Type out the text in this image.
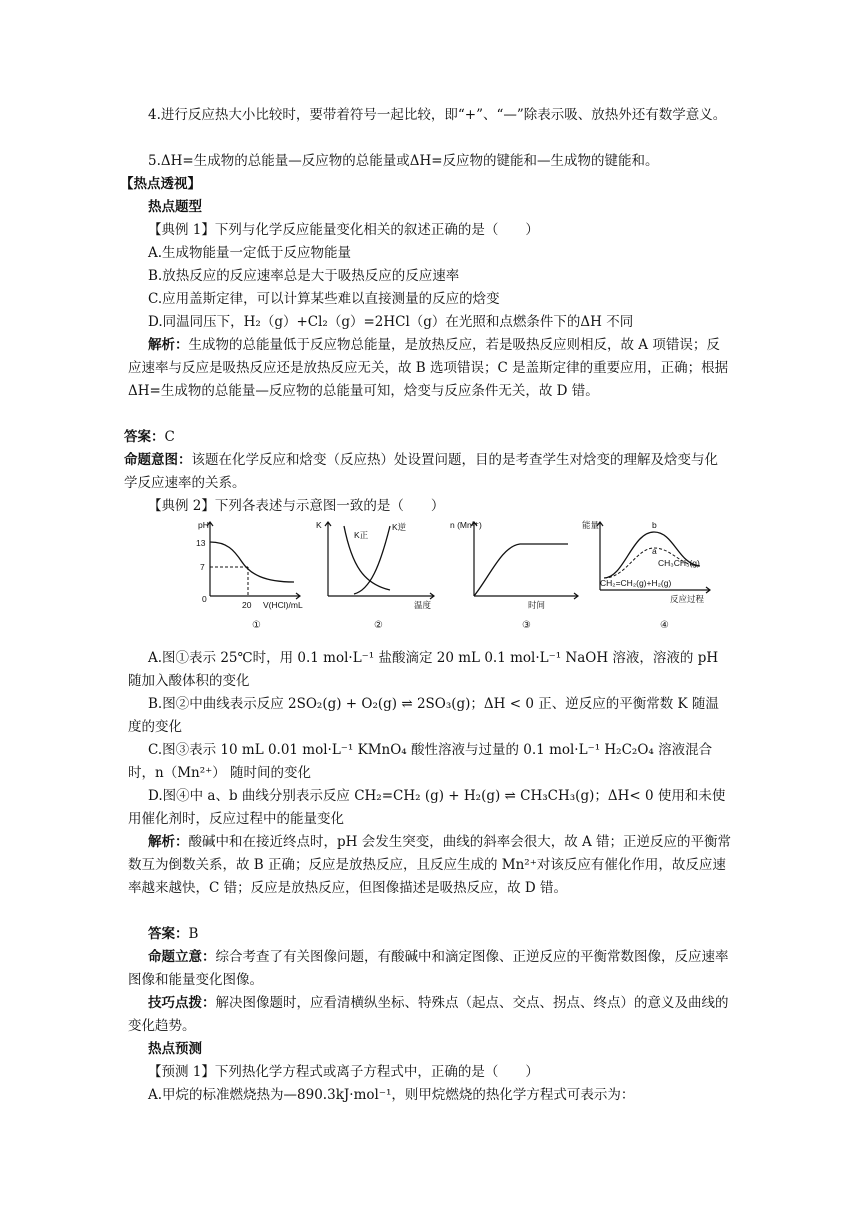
4.进行反应热大小比较时，要带着符号一起比较，即“+”、“—”除表示吸、放热外还有数学意义。

5.ΔH=生成物的总能量—反应物的总能量或ΔH=反应物的键能和—生成物的键能和。

【热点透视】

热点题型

【典例 1】下列与化学反应能量变化相关的叙述正确的是（　　）

A.生成物能量一定低于反应物能量

B.放热反应的反应速率总是大于吸热反应的反应速率

C.应用盖斯定律，可以计算某些难以直接测量的反应的焓变

D.同温同压下，H₂（g）+Cl₂（g）=2HCl（g）在光照和点燃条件下的ΔH 不同

解析：生成物的总能量低于反应物总能量，是放热反应，若是吸热反应则相反，故 A 项错误；反应速率与反应是吸热反应还是放热反应无关，故 B 选项错误；C 是盖斯定律的重要应用，正确；根据ΔH=生成物的总能量—反应物的总能量可知，焓变与反应条件无关，故 D 错。

答案：C

命题意图：该题在化学反应和焓变（反应热）处设置问题，目的是考查学生对焓变的理解及焓变与化学反应速率的关系。

【典例 2】下列各表述与示意图一致的是（　　）

pH
13
7
0
20 V(HCl)/mL
①
K
K正
K逆
温度
②
n (Mn²⁺)
时间
③
能量	b
a
CH₃CH₃(g)
CH₂=CH₂(g)+H₂(g)
反应过程
④

A.图①表示 25℃时，用 0.1 mol·L⁻¹ 盐酸滴定 20 mL 0.1 mol·L⁻¹ NaOH 溶液，溶液的 pH 随加入酸体积的变化

B.图②中曲线表示反应 2SO₂(g) + O₂(g) ⇌ 2SO₃(g)；ΔH < 0 正、逆反应的平衡常数 K 随温度的变化

C.图③表示 10 mL 0.01 mol·L⁻¹ KMnO₄ 酸性溶液与过量的 0.1 mol·L⁻¹ H₂C₂O₄ 溶液混合时，n（Mn²⁺） 随时间的变化

D.图④中 a、b 曲线分别表示反应 CH₂=CH₂ (g) + H₂(g) ⇌ CH₃CH₃(g)；ΔH< 0 使用和未使用催化剂时，反应过程中的能量变化

解析：酸碱中和在接近终点时，pH 会发生突变，曲线的斜率会很大，故 A 错；正逆反应的平衡常数互为倒数关系，故 B 正确；反应是放热反应，且反应生成的 Mn²⁺对该反应有催化作用，故反应速率越来越快，C 错；反应是放热反应，但图像描述是吸热反应，故 D 错。

答案：B

命题立意：综合考查了有关图像问题，有酸碱中和滴定图像、正逆反应的平衡常数图像，反应速率图像和能量变化图像。

技巧点拨：解决图像题时，应看清横纵坐标、特殊点（起点、交点、拐点、终点）的意义及曲线的变化趋势。

热点预测

【预测 1】下列热化学方程式或离子方程式中，正确的是（　　）

A.甲烷的标准燃烧热为—890.3kJ·mol⁻¹，则甲烷燃烧的热化学方程式可表示为：
